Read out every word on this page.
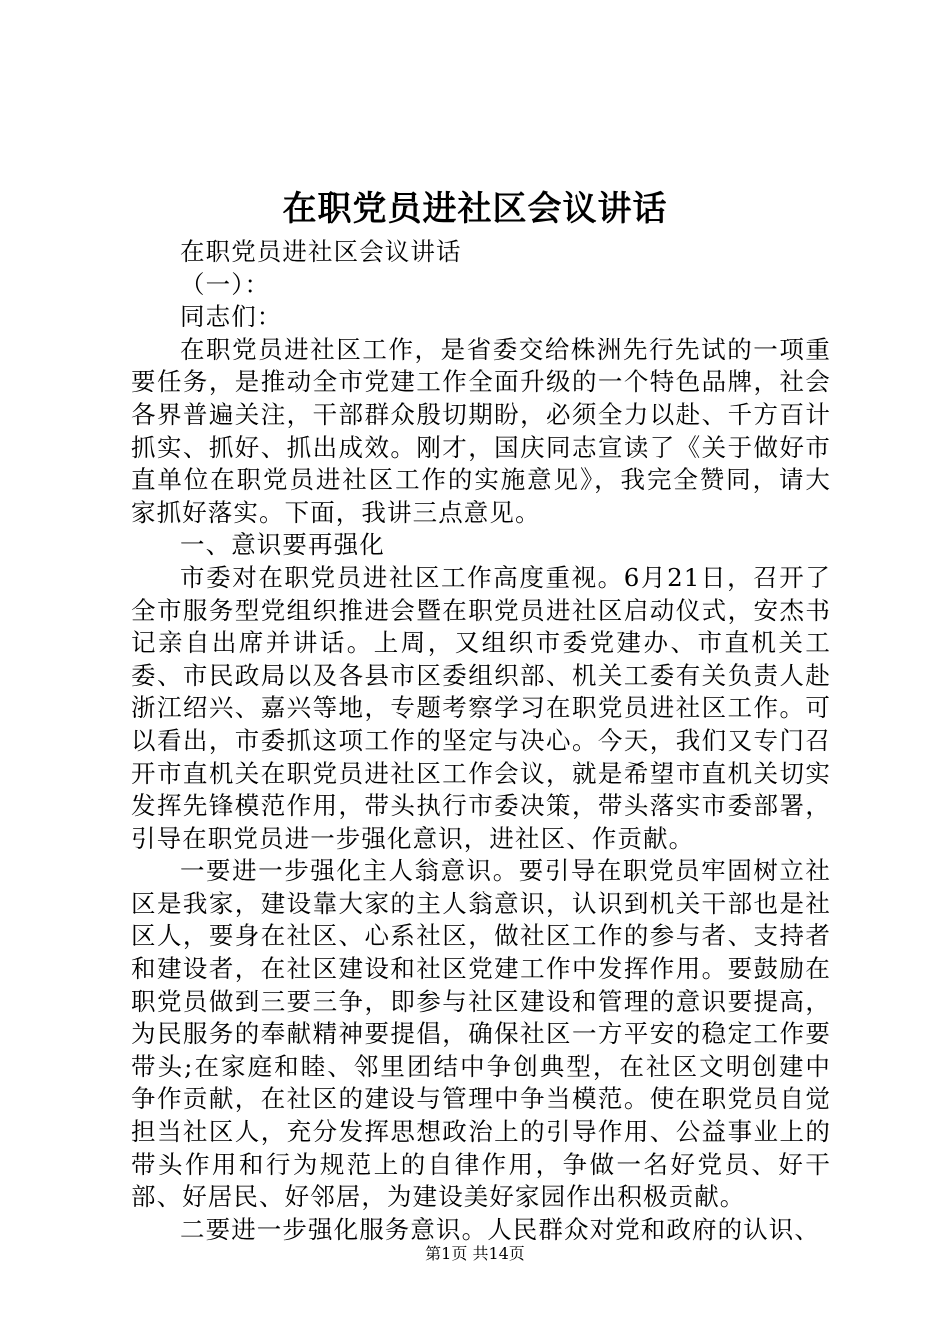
在职党员进社区会议讲话

在职党员进社区会议讲话

（一）：

同志们：

在职党员进社区工作，是省委交给株洲先行先试的一项重要任务，是推动全市党建工作全面升级的一个特色品牌，社会各界普遍关注，干部群众殷切期盼，必须全力以赴、千方百计抓实、抓好、抓出成效。刚才，国庆同志宣读了《关于做好市直单位在职党员进社区工作的实施意见》，我完全赞同，请大家抓好落实。下面，我讲三点意见。

一、意识要再强化

市委对在职党员进社区工作高度重视。6月21日，召开了全市服务型党组织推进会暨在职党员进社区启动仪式，安杰书记亲自出席并讲话。上周，又组织市委党建办、市直机关工委、市民政局以及各县市区委组织部、机关工委有关负责人赴浙江绍兴、嘉兴等地，专题考察学习在职党员进社区工作。可以看出，市委抓这项工作的坚定与决心。今天，我们又专门召开市直机关在职党员进社区工作会议，就是希望市直机关切实发挥先锋模范作用，带头执行市委决策，带头落实市委部署，引导在职党员进一步强化意识，进社区、作贡献。

一要进一步强化主人翁意识。要引导在职党员牢固树立社区是我家，建设靠大家的主人翁意识，认识到机关干部也是社区人，要身在社区、心系社区，做社区工作的参与者、支持者和建设者，在社区建设和社区党建工作中发挥作用。要鼓励在职党员做到三要三争，即参与社区建设和管理的意识要提高，为民服务的奉献精神要提倡，确保社区一方平安的稳定工作要带头;在家庭和睦、邻里团结中争创典型，在社区文明创建中争作贡献，在社区的建设与管理中争当模范。使在职党员自觉担当社区人，充分发挥思想政治上的引导作用、公益事业上的带头作用和行为规范上的自律作用，争做一名好党员、好干部、好居民、好邻居，为建设美好家园作出积极贡献。

二要进一步强化服务意识。人民群众对党和政府的认识、

第1页 共14页
